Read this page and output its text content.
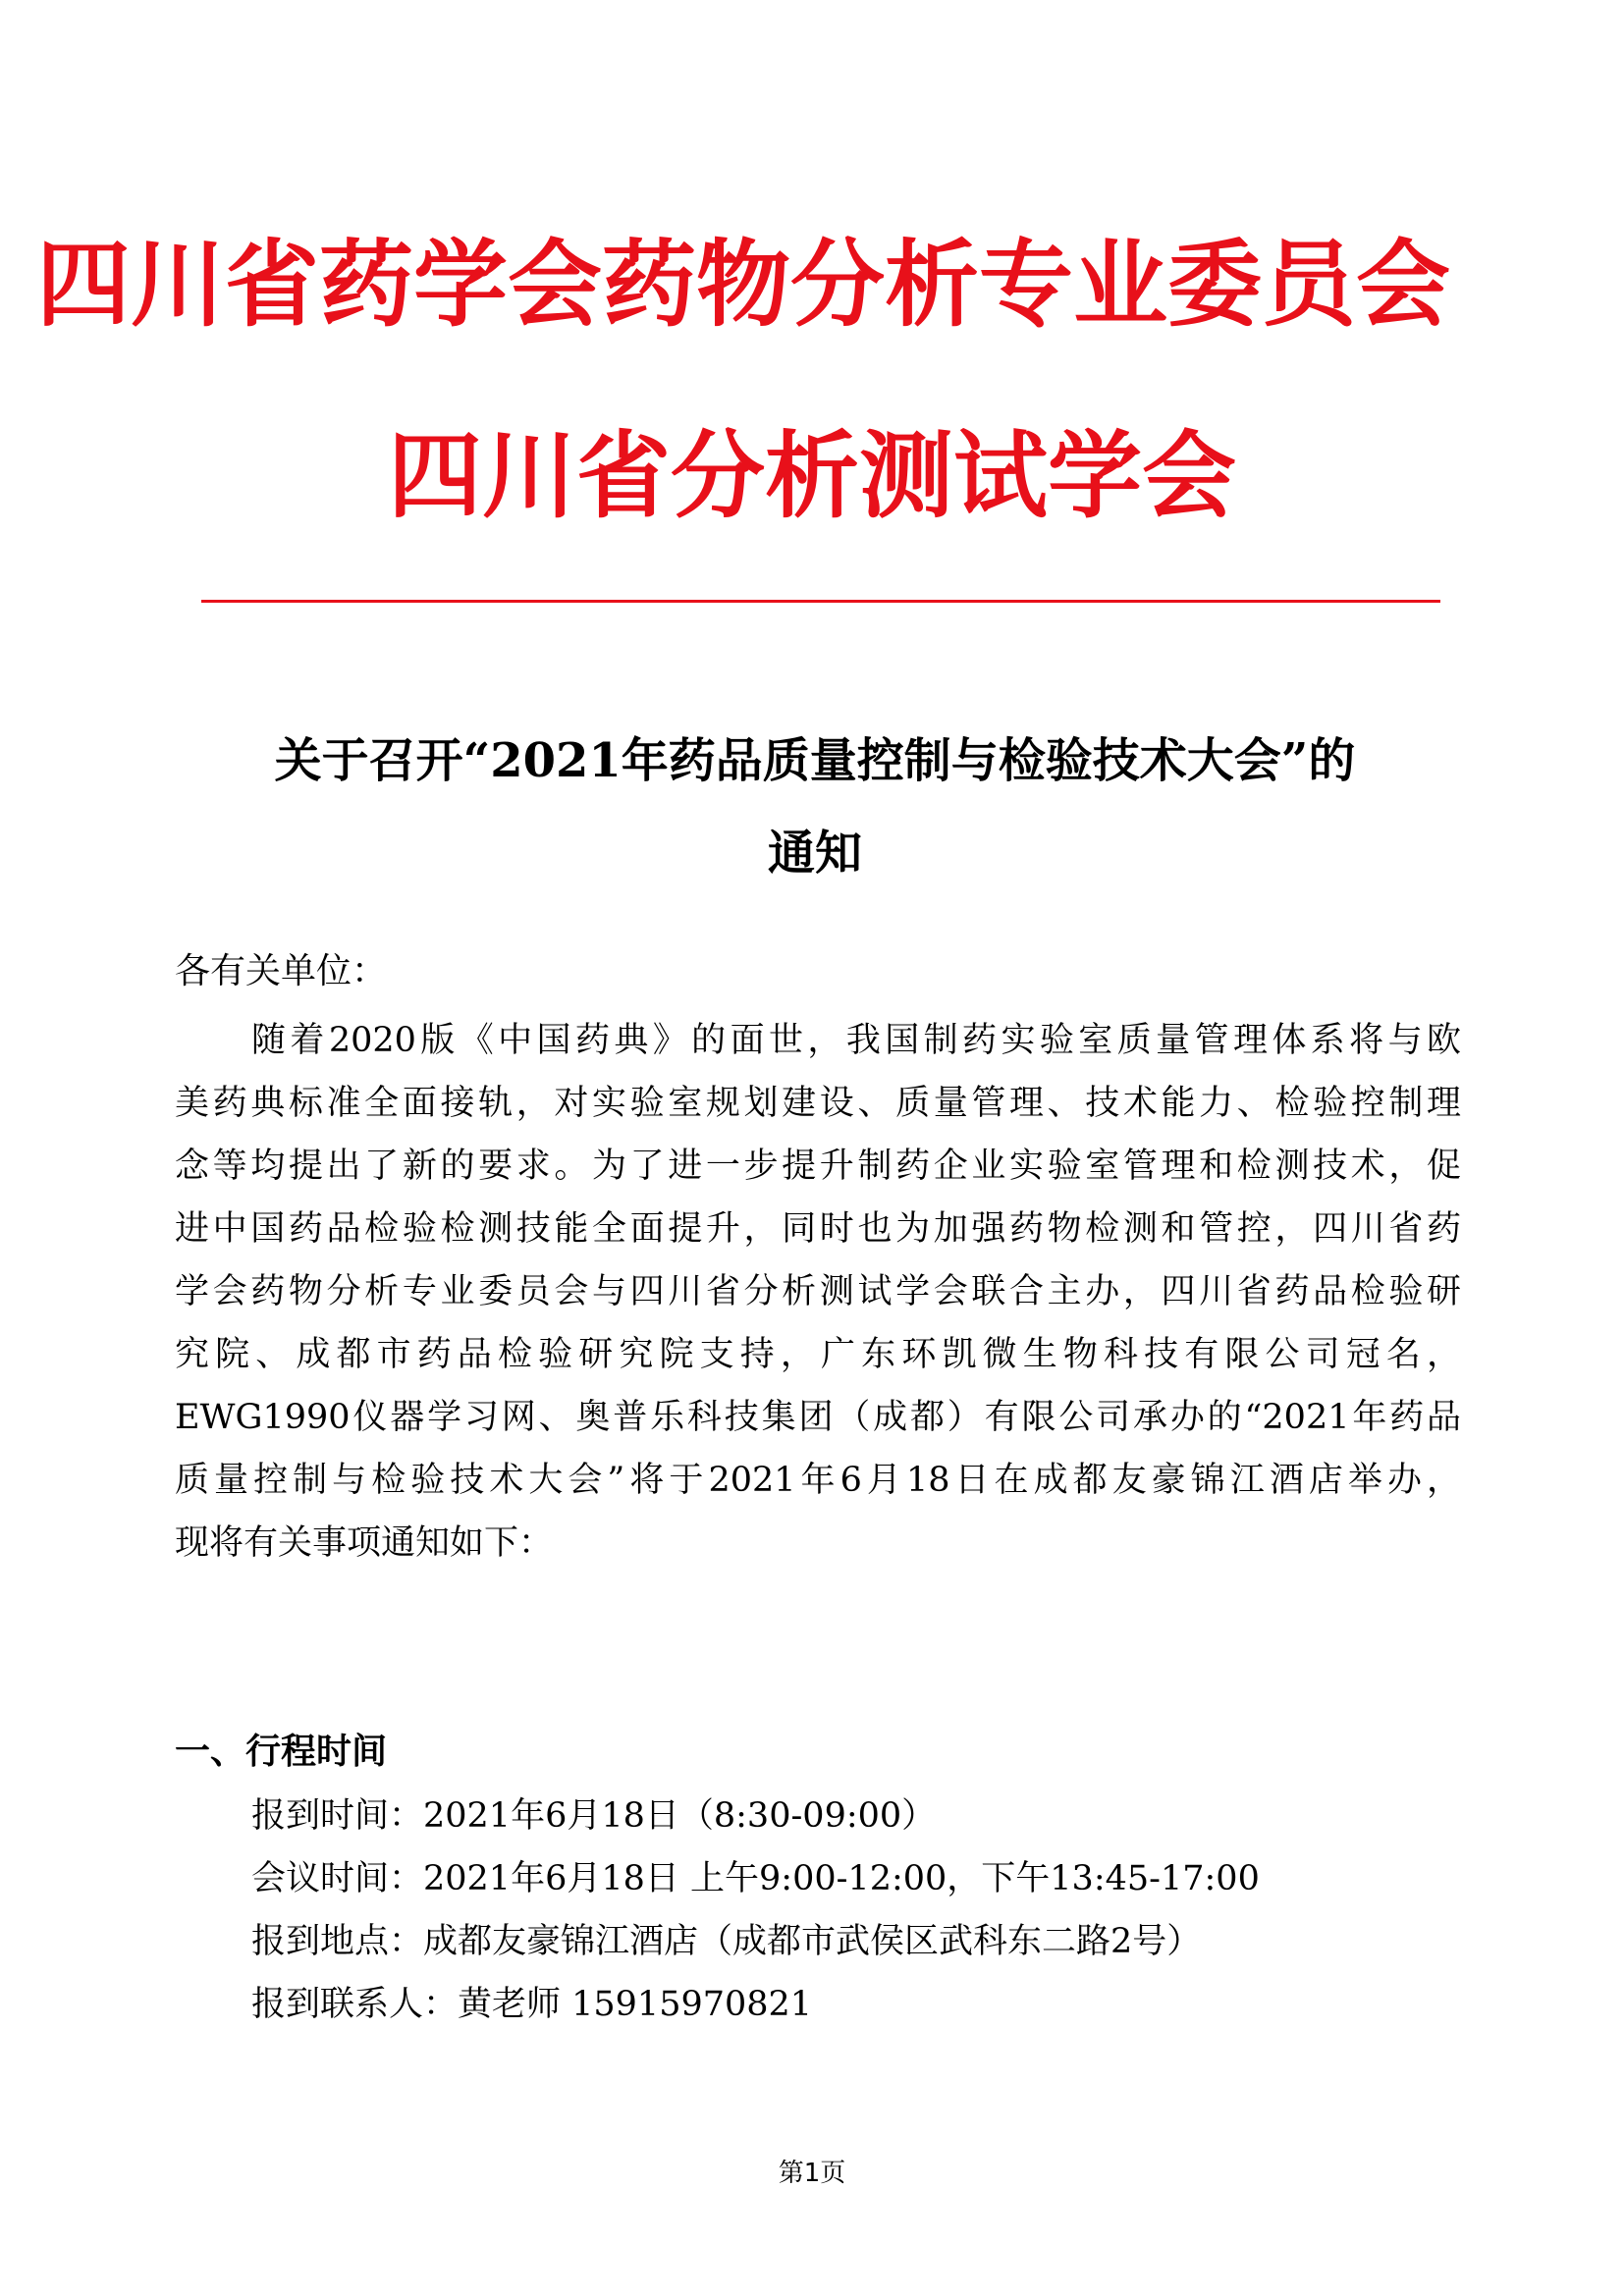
四川省药学会药物分析专业委员会
四川省分析测试学会
关于召开“2021年药品质量控制与检验技术大会”的
通知
各有关单位：
随着2020版《中国药典》的面世，我国制药实验室质量管理体系将与欧
美药典标准全面接轨，对实验室规划建设、质量管理、技术能力、检验控制理
念等均提出了新的要求。为了进一步提升制药企业实验室管理和检测技术，促
进中国药品检验检测技能全面提升，同时也为加强药物检测和管控，四川省药
学会药物分析专业委员会与四川省分析测试学会联合主办，四川省药品检验研
究院、成都市药品检验研究院支持，广东环凯微生物科技有限公司冠名，
EWG1990仪器学习网、奥普乐科技集团（成都）有限公司承办的“2021年药品
质量控制与检验技术大会”将于2021年6月18日在成都友豪锦江酒店举办，
现将有关事项通知如下：
一、行程时间
报到时间：2021年6月18日（8:30-09:00）
会议时间：2021年6月18日 上午9:00-12:00，下午13:45-17:00
报到地点：成都友豪锦江酒店（成都市武侯区武科东二路2号）
报到联系人：黄老师 15915970821
第1页
